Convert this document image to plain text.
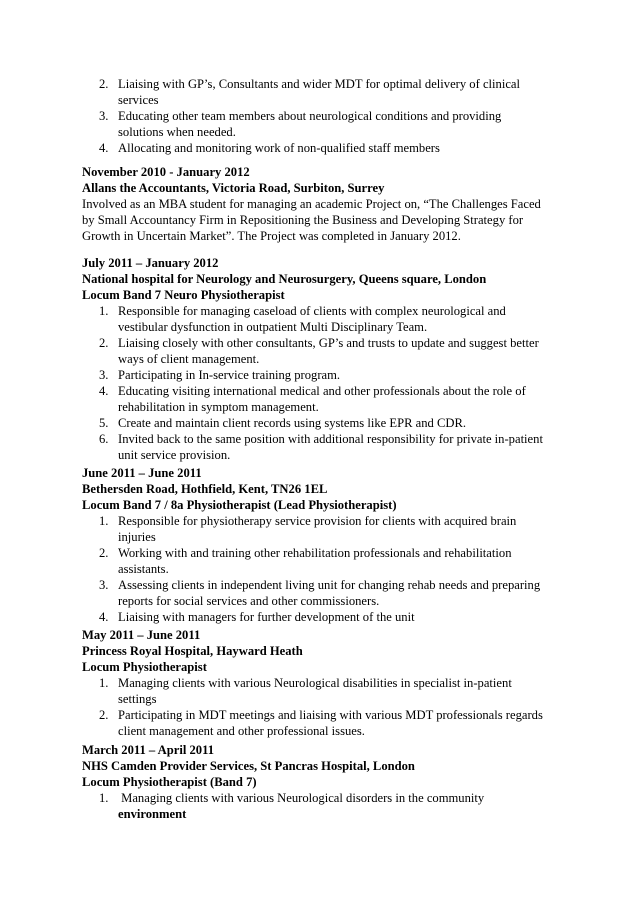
2. Liaising with GP’s, Consultants and wider MDT for optimal delivery of clinical
services
3. Educating other team members about neurological conditions and providing
solutions when needed.
4. Allocating and monitoring work of non-qualified staff members
November 2010 - January 2012
Allans the Accountants, Victoria Road, Surbiton, Surrey
Involved as an MBA student for managing an academic Project on, “The Challenges Faced
by Small Accountancy Firm in Repositioning the Business and Developing Strategy for
Growth in Uncertain Market”. The Project was completed in January 2012.
July 2011 – January 2012
National hospital for Neurology and Neurosurgery, Queens square, London
Locum Band 7 Neuro Physiotherapist
1. Responsible for managing caseload of clients with complex neurological and
vestibular dysfunction in outpatient Multi Disciplinary Team.
2. Liaising closely with other consultants, GP’s and trusts to update and suggest better
ways of client management.
3. Participating in In-service training program.
4. Educating visiting international medical and other professionals about the role of
rehabilitation in symptom management.
5. Create and maintain client records using systems like EPR and CDR.
6. Invited back to the same position with additional responsibility for private in-patient
unit service provision.
June 2011 – June 2011
Bethersden Road, Hothfield, Kent, TN26 1EL
Locum Band 7 / 8a Physiotherapist (Lead Physiotherapist)
1. Responsible for physiotherapy service provision for clients with acquired brain
injuries
2. Working with and training other rehabilitation professionals and rehabilitation
assistants.
3. Assessing clients in independent living unit for changing rehab needs and preparing
reports for social services and other commissioners.
4. Liaising with managers for further development of the unit
May 2011 – June 2011
Princess Royal Hospital, Hayward Heath
Locum Physiotherapist
1. Managing clients with various Neurological disabilities in specialist in-patient
settings
2. Participating in MDT meetings and liaising with various MDT professionals regards
client management and other professional issues.
March 2011 – April 2011
NHS Camden Provider Services, St Pancras Hospital, London
Locum Physiotherapist (Band 7)
1. Managing clients with various Neurological disorders in the community
environment
